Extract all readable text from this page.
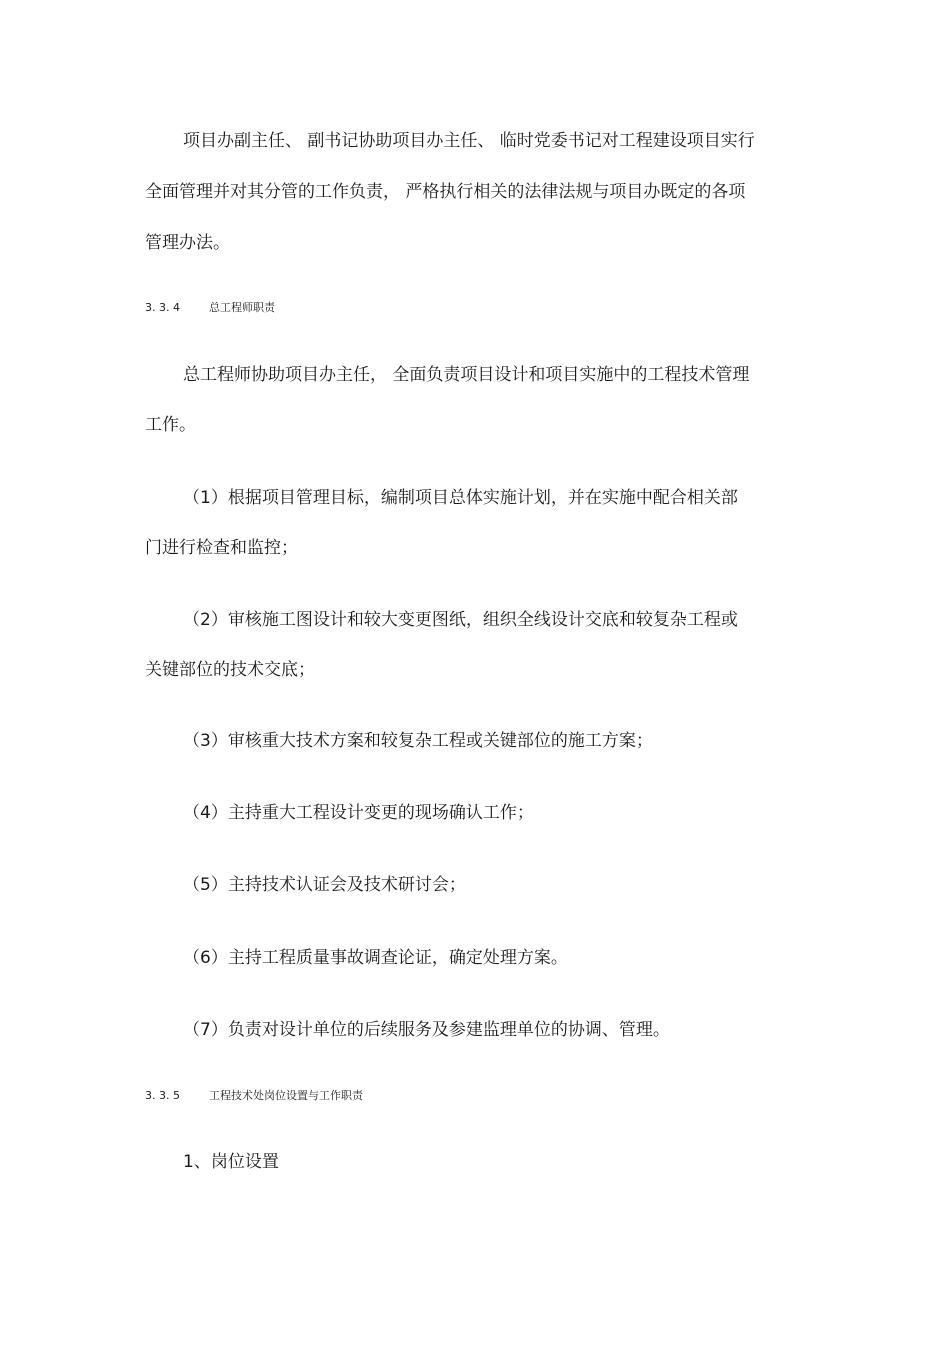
项目办副主任、 副书记协助项目办主任、 临时党委书记对工程建设项目实行
全面管理并对其分管的工作负责， 严格执行相关的法律法规与项目办既定的各项
管理办法。
3. 3. 4	总工程师职责
总工程师协助项目办主任， 全面负责项目设计和项目实施中的工程技术管理
工作。
（1）根据项目管理目标，编制项目总体实施计划，并在实施中配合相关部
门进行检查和监控；
（2）审核施工图设计和较大变更图纸，组织全线设计交底和较复杂工程或
关键部位的技术交底；
（3）审核重大技术方案和较复杂工程或关键部位的施工方案；
（4）主持重大工程设计变更的现场确认工作；
（5）主持技术认证会及技术研讨会；
（6）主持工程质量事故调查论证，确定处理方案。
（7）负责对设计单位的后续服务及参建监理单位的协调、管理。
3. 3. 5	工程技术处岗位设置与工作职责
1、岗位设置
